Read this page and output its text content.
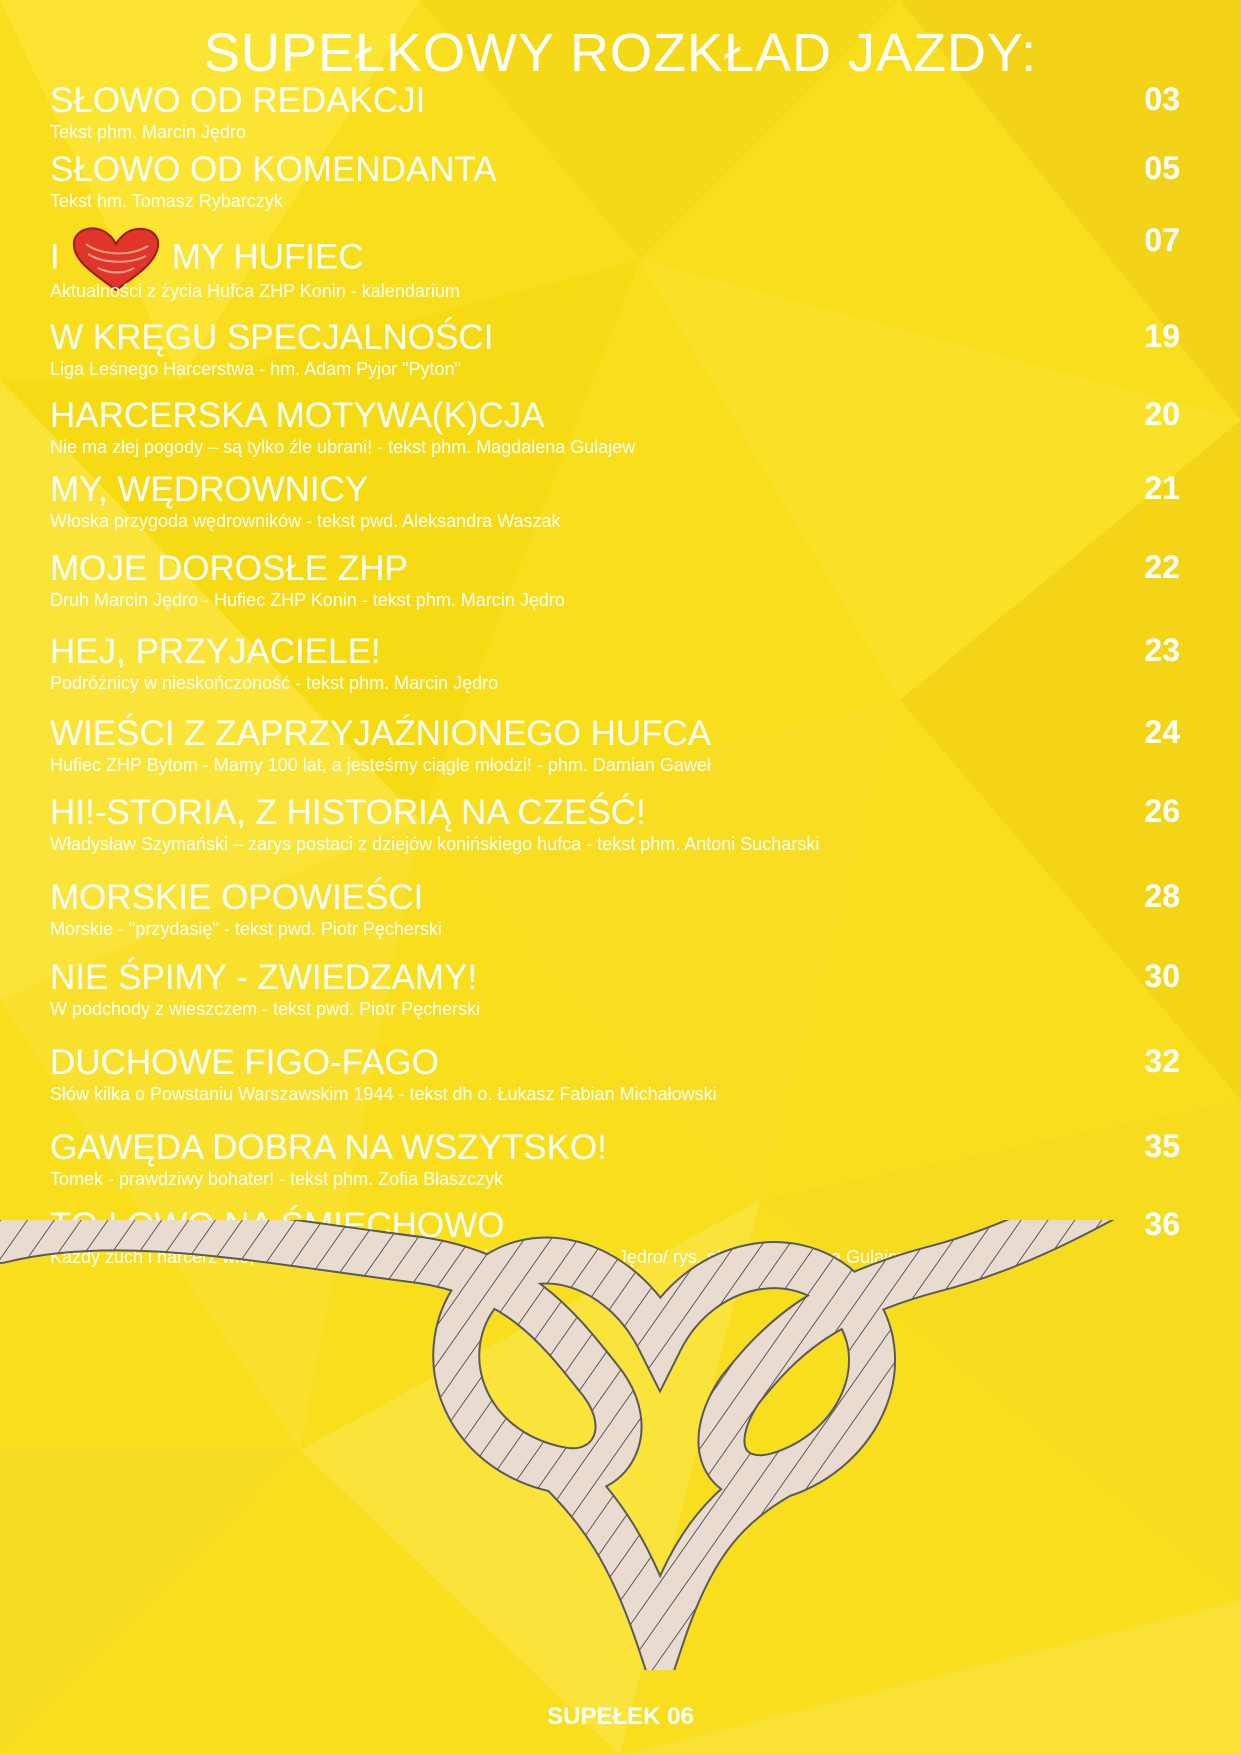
SUPEŁKOWY ROZKŁAD JAZDY:
SŁOWO OD REDAKCJI	03
Tekst phm. Marcin Jędro
SŁOWO OD KOMENDANTA	05
Tekst hm. Tomasz Rybarczyk
I	MY HUFIEC	07
Aktualności z życia Hufca ZHP Konin - kalendarium
W KRĘGU SPECJALNOŚCI	19
Liga Leśnego Harcerstwa - hm. Adam Pyjor "Pyton"
HARCERSKA MOTYWA(K)CJA	20
Nie ma złej pogody – są tylko źle ubrani! - tekst phm. Magdalena Gulajew
MY, WĘDROWNICY	21
Włoska przygoda wędrowników - tekst pwd. Aleksandra Waszak
MOJE DOROSŁE ZHP	22
Druh Marcin Jędro - Hufiec ZHP Konin - tekst phm. Marcin Jędro
HEJ, PRZYJACIELE!	23
Podróżnicy w nieskończoność - tekst phm. Marcin Jędro
WIEŚCI Z ZAPRZYJAŹNIONEGO HUFCA	24
Hufiec ZHP Bytom - Mamy 100 lat, a jesteśmy ciągle młodzi! - phm. Damian Gaweł
HI!-STORIA, Z HISTORIĄ NA CZEŚĆ!	26
Władysław Szymański – zarys postaci z dziejów konińskiego hufca - tekst phm. Antoni Sucharski
MORSKIE OPOWIEŚCI	28
Morskie - "przydasię" - tekst pwd. Piotr Pęcherski
NIE ŚPIMY - ZWIEDZAMY!	30
W podchody z wieszczem - tekst pwd. Piotr Pęcherski
DUCHOWE FIGO-FAGO	32
Słów kilka o Powstaniu Warszawskim 1944 - tekst dh o. Łukasz Fabian Michałowski
GAWĘDA DOBRA NA WSZYTSKO!	35
Tomek - prawdziwy bohater! - tekst phm. Zofia Błaszczyk
TO I OWO NA ŚMIECHOWO	36
Każdy zuch i harcerz wie, że śmiech to zdrowie! - wybór dh Tymoteusz Jędro/ rys. phm. Magdalena Gulajew
SUPEŁEK 06
